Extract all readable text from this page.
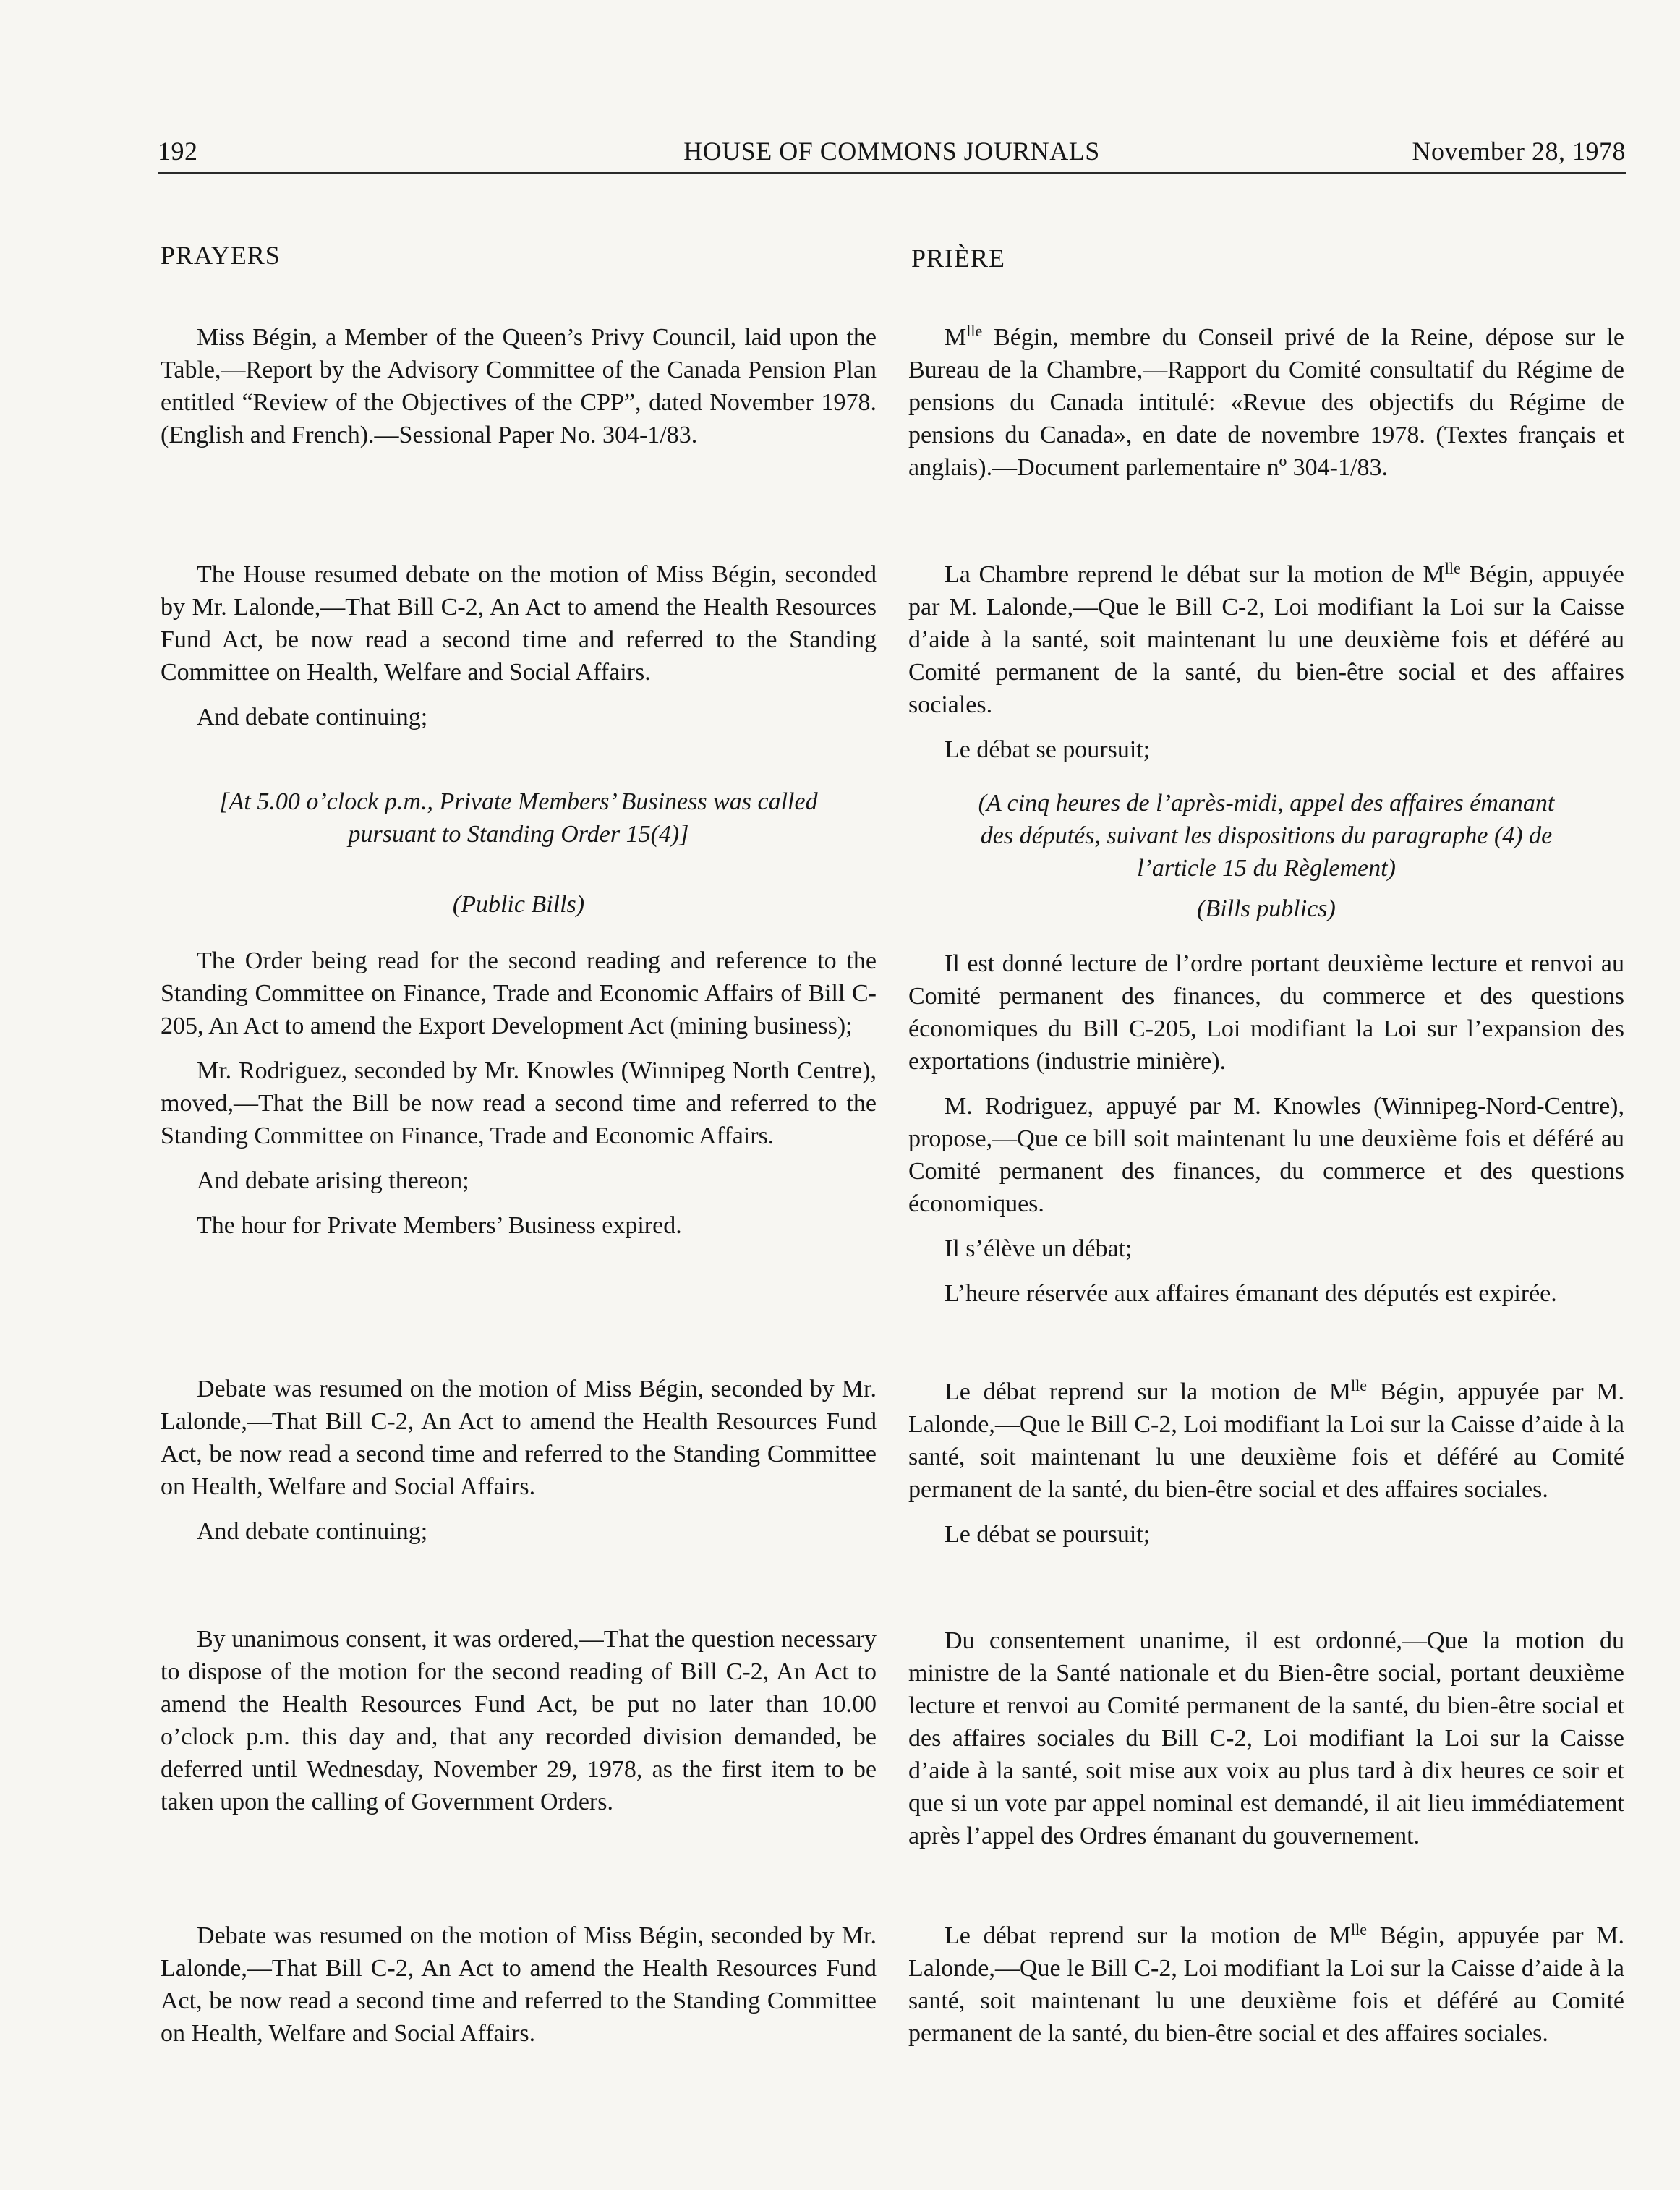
192	HOUSE OF COMMONS JOURNALS	November 28, 1978
PRAYERS

Miss Bégin, a Member of the Queen’s Privy Council, laid upon the Table,—Report by the Advisory Committee of the Canada Pension Plan entitled “Review of the Objectives of the CPP”, dated November 1978. (English and French).—Sessional Paper No. 304-1/83.

The House resumed debate on the motion of Miss Bégin, seconded by Mr. Lalonde,—That Bill C-2, An Act to amend the Health Resources Fund Act, be now read a second time and referred to the Standing Committee on Health, Welfare and Social Affairs.

And debate continuing;

[At 5.00 o’clock p.m., Private Members’ Business was called

pursuant to Standing Order 15(4)]

(Public Bills)

The Order being read for the second reading and reference to the Standing Committee on Finance, Trade and Economic Affairs of Bill C-205, An Act to amend the Export Development Act (mining business);

Mr. Rodriguez, seconded by Mr. Knowles (Winnipeg North Centre), moved,—That the Bill be now read a second time and referred to the Standing Committee on Finance, Trade and Economic Affairs.

And debate arising thereon;

The hour for Private Members’ Business expired.

Debate was resumed on the motion of Miss Bégin, seconded by Mr. Lalonde,—That Bill C-2, An Act to amend the Health Resources Fund Act, be now read a second time and referred to the Standing Committee on Health, Welfare and Social Affairs.

And debate continuing;

By unanimous consent, it was ordered,—That the question necessary to dispose of the motion for the second reading of Bill C-2, An Act to amend the Health Resources Fund Act, be put no later than 10.00 o’clock p.m. this day and, that any recorded division demanded, be deferred until Wednesday, November 29, 1978, as the first item to be taken upon the calling of Government Orders.

Debate was resumed on the motion of Miss Bégin, seconded by Mr. Lalonde,—That Bill C-2, An Act to amend the Health Resources Fund Act, be now read a second time and referred to the Standing Committee on Health, Welfare and Social Affairs.

PRIÈRE

$M^{lle}$ Bégin, membre du Conseil privé de la Reine, dépose sur le Bureau de la Chambre,—Rapport du Comité consultatif du Régime de pensions du Canada intitulé: «Revue des objectifs du Régime de pensions du Canada», en date de novembre 1978. (Textes français et anglais).—Document parlementaire nº 304-1/83.

La Chambre reprend le débat sur la motion de $M^{lle}$ Bégin, appuyée par M. Lalonde,—Que le Bill C-2, Loi modifiant la Loi sur la Caisse d’aide à la santé, soit maintenant lu une deuxième fois et déféré au Comité permanent de la santé, du bien-être social et des affaires sociales.

Le débat se poursuit;

(A cinq heures de l’après-midi, appel des affaires émanant

des députés, suivant les dispositions du paragraphe (4) de

l’article 15 du Règlement)

(Bills publics)

Il est donné lecture de l’ordre portant deuxième lecture et renvoi au Comité permanent des finances, du commerce et des questions économiques du Bill C-205, Loi modifiant la Loi sur l’expansion des exportations (industrie minière).

M. Rodriguez, appuyé par M. Knowles (Winnipeg-Nord-Centre), propose,—Que ce bill soit maintenant lu une deuxième fois et déféré au Comité permanent des finances, du commerce et des questions économiques.

Il s’élève un débat;

L’heure réservée aux affaires émanant des députés est expirée.

Le débat reprend sur la motion de $M^{lle}$ Bégin, appuyée par M. Lalonde,—Que le Bill C-2, Loi modifiant la Loi sur la Caisse d’aide à la santé, soit maintenant lu une deuxième fois et déféré au Comité permanent de la santé, du bien-être social et des affaires sociales.

Le débat se poursuit;

Du consentement unanime, il est ordonné,—Que la motion du ministre de la Santé nationale et du Bien-être social, portant deuxième lecture et renvoi au Comité permanent de la santé, du bien-être social et des affaires sociales du Bill C-2, Loi modifiant la Loi sur la Caisse d’aide à la santé, soit mise aux voix au plus tard à dix heures ce soir et que si un vote par appel nominal est demandé, il ait lieu immédiatement après l’appel des Ordres émanant du gouvernement.

Le débat reprend sur la motion de $M^{lle}$ Bégin, appuyée par M. Lalonde,—Que le Bill C-2, Loi modifiant la Loi sur la Caisse d’aide à la santé, soit maintenant lu une deuxième fois et déféré au Comité permanent de la santé, du bien-être social et des affaires sociales.
